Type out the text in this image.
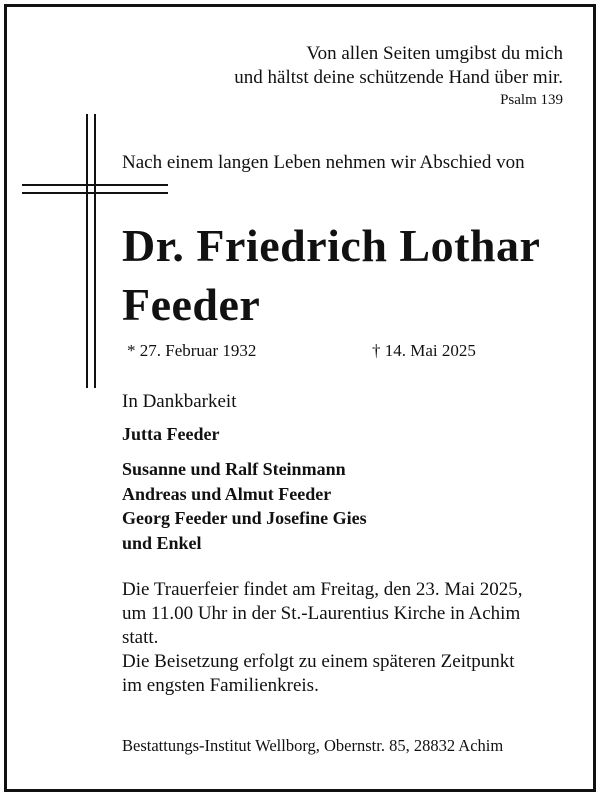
Von allen Seiten umgibst du mich
und hältst deine schützende Hand über mir.
Psalm 139
Nach einem langen Leben nehmen wir Abschied von
Dr. Friedrich Lothar
Feeder
* 27. Februar 1932	† 14. Mai 2025
In Dankbarkeit
Jutta Feeder
Susanne und Ralf Steinmann
Andreas und Almut Feeder
Georg Feeder und Josefine Gies
und Enkel
Die Trauerfeier findet am Freitag, den 23. Mai 2025,
um 11.00 Uhr in der St.-Laurentius Kirche in Achim
statt.
Die Beisetzung erfolgt zu einem späteren Zeitpunkt
im engsten Familienkreis.
Bestattungs-Institut Wellborg, Obernstr. 85, 28832 Achim
